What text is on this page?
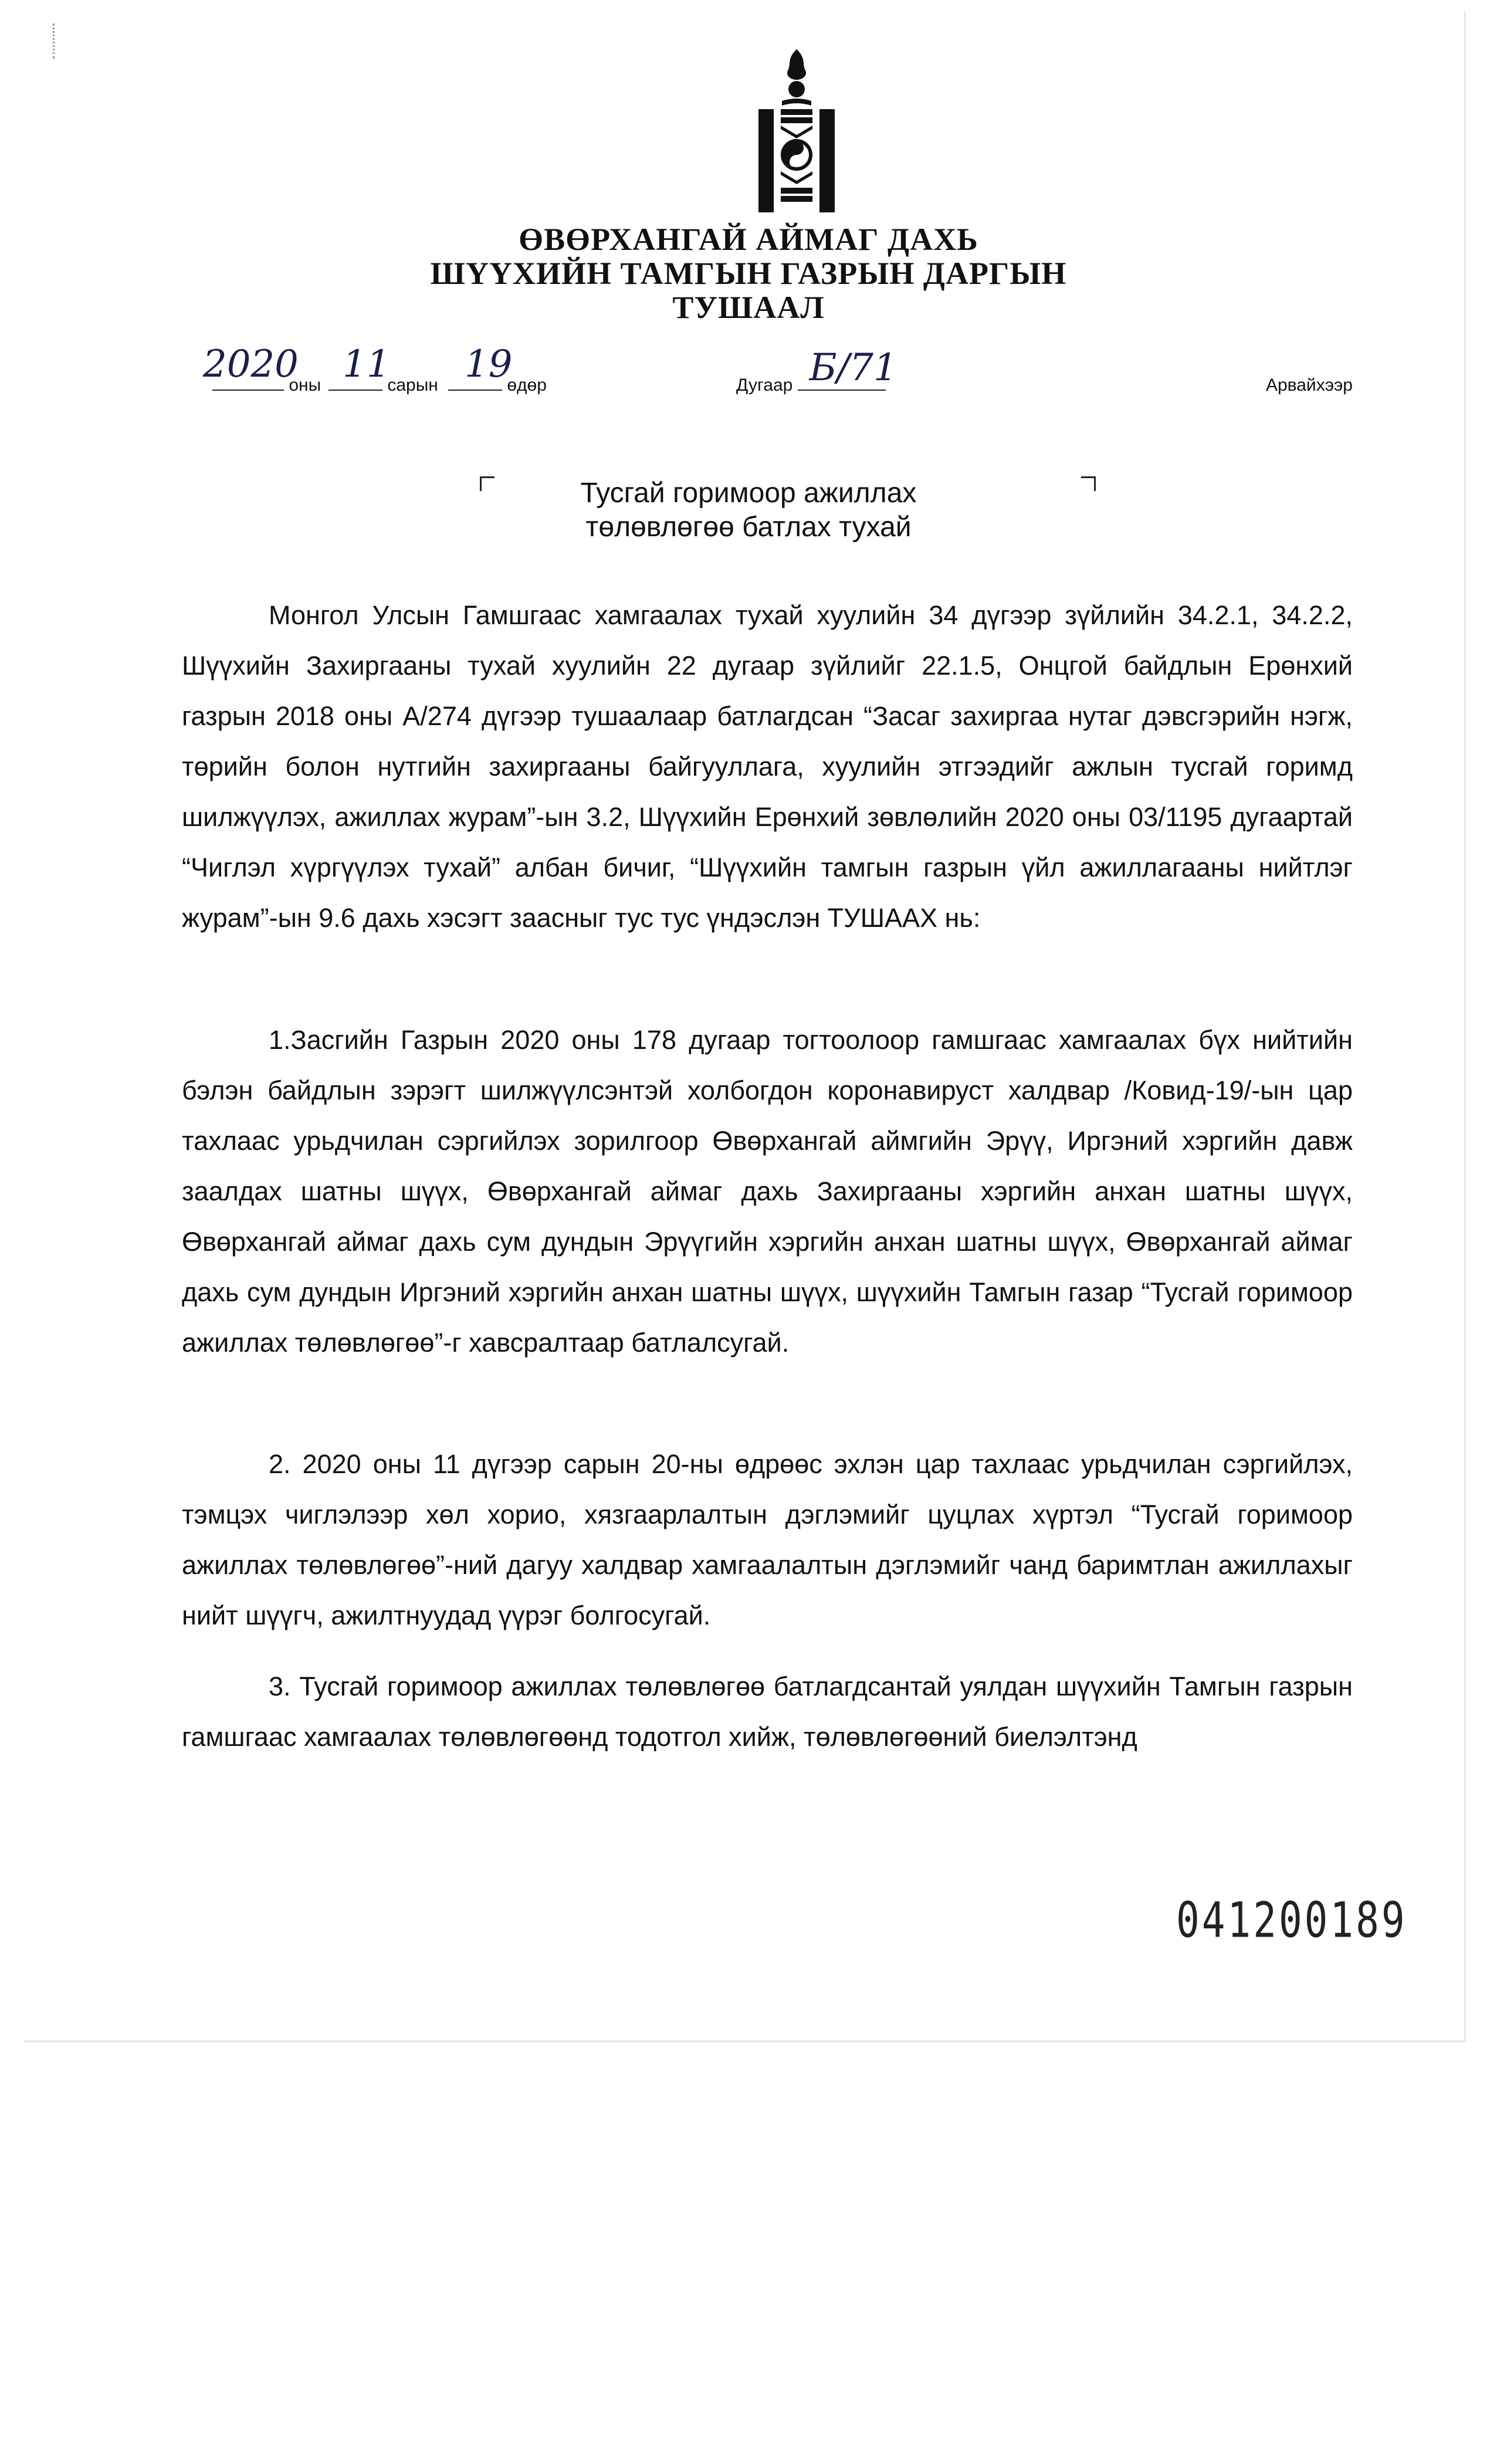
ӨВӨРХАНГАЙ АЙМАГ ДАХЬ
ШҮҮХИЙН ТАМГЫН ГАЗРЫН ДАРГЫН
ТУШААЛ
2020
оны 11
сарын 19
өдөр	Дугаар Б/71	Арвайхээр
Тусгай горимоор ажиллах
төлөвлөгөө батлах тухай

Монгол Улсын Гамшгаас хамгаалах тухай хуулийн 34 дүгээр зүйлийн 34.2.1, 34.2.2, Шүүхийн Захиргааны тухай хуулийн 22 дугаар зүйлийг 22.1.5, Онцгой байдлын Ерөнхий газрын 2018 оны А/274 дүгээр тушаалаар батлагдсан “Засаг захиргаа нутаг дэвсгэрийн нэгж, төрийн болон нутгийн захиргааны байгууллага, хуулийн этгээдийг ажлын тусгай горимд шилжүүлэх, ажиллах журам”-ын 3.2, Шүүхийн Ерөнхий зөвлөлийн 2020 оны 03/1195 дугаартай “Чиглэл хүргүүлэх тухай” албан бичиг, “Шүүхийн тамгын газрын үйл ажиллагааны нийтлэг журам”-ын 9.6 дахь хэсэгт заасныг тус тус үндэслэн ТУШААХ нь:

1.Засгийн Газрын 2020 оны 178 дугаар тогтоолоор гамшгаас хамгаалах бүх нийтийн бэлэн байдлын зэрэгт шилжүүлсэнтэй холбогдон коронавируст халдвар /Ковид-19/-ын цар тахлаас урьдчилан сэргийлэх зорилгоор Өвөрхангай аймгийн Эрүү, Иргэний хэргийн давж заалдах шатны шүүх, Өвөрхангай аймаг дахь Захиргааны хэргийн анхан шатны шүүх, Өвөрхангай аймаг дахь сум дундын Эрүүгийн хэргийн анхан шатны шүүх, Өвөрхангай аймаг дахь сум дундын Иргэний хэргийн анхан шатны шүүх, шүүхийн Тамгын газар “Тусгай горимоор ажиллах төлөвлөгөө”-г хавсралтаар батлалсугай.

2. 2020 оны 11 дүгээр сарын 20-ны өдрөөс эхлэн цар тахлаас урьдчилан сэргийлэх, тэмцэх чиглэлээр хөл хорио, хязгаарлалтын дэглэмийг цуцлах хүртэл “Тусгай горимоор ажиллах төлөвлөгөө”-ний дагуу халдвар хамгаалалтын дэглэмийг чанд баримтлан ажиллахыг нийт шүүгч, ажилтнуудад үүрэг болгосугай.

3. Тусгай горимоор ажиллах төлөвлөгөө батлагдсантай уялдан шүүхийн Тамгын газрын гамшгаас хамгаалах төлөвлөгөөнд тодотгол хийж, төлөвлөгөөний биелэлтэнд

041200189
